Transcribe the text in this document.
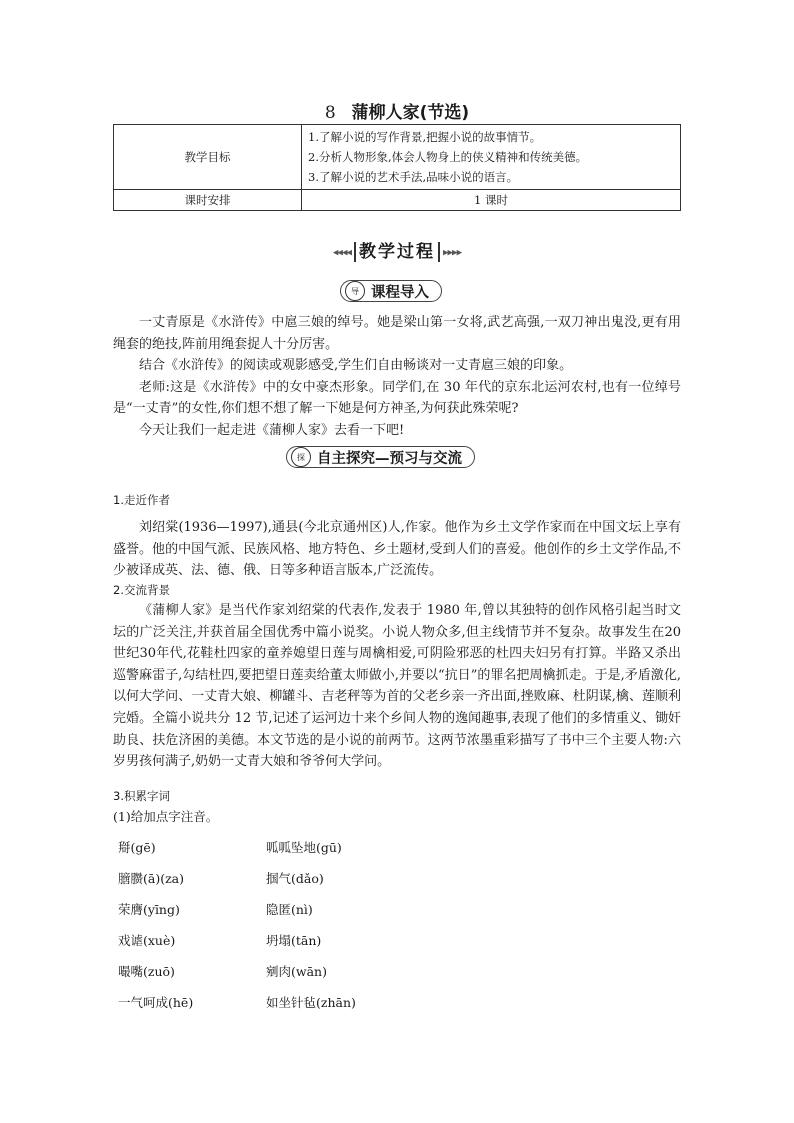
8 蒲柳人家(节选)
教学目标	1.了解小说的写作背景,把握小说的故事情节。
2.分析人物形象,体会人物身上的侠义精神和传统美德。
3.了解小说的艺术手法,品味小说的语言。

课时安排	1 课时
◂◂◂◂ 教学过程 ▸▸▸▸
导 课程导入
一丈青原是《水浒传》中扈三娘的绰号。她是梁山第一女将,武艺高强,一双刀神出鬼没,更有用绳套的绝技,阵前用绳套捉人十分厉害。
结合《水浒传》的阅读或观影感受,学生们自由畅谈对一丈青扈三娘的印象。
老师:这是《水浒传》中的女中豪杰形象。同学们,在 30 年代的京东北运河农村,也有一位绰号是“一丈青”的女性,你们想不想了解一下她是何方神圣,为何获此殊荣呢?
今天让我们一起走进《蒲柳人家》去看一下吧!
探 自主探究—预习与交流
1.走近作者
刘绍棠(1936—1997),通县(今北京通州区)人,作家。他作为乡土文学作家而在中国文坛上享有盛誉。他的中国气派、民族风格、地方特色、乡土题材,受到人们的喜爱。他创作的乡土文学作品,不少被译成英、法、德、俄、日等多种语言版本,广泛流传。
2.交流背景
《蒲柳人家》是当代作家刘绍棠的代表作,发表于 1980 年,曾以其独特的创作风格引起当时文坛的广泛关注,并获首届全国优秀中篇小说奖。小说人物众多,但主线情节并不复杂。故事发生在20世纪30年代,花鞋杜四家的童养媳望日莲与周檎相爱,可阴险邪恶的杜四夫妇另有打算。半路又杀出巡警麻雷子,勾结杜四,要把望日莲卖给董太师做小,并要以“抗日”的罪名把周檎抓走。于是,矛盾激化,以何大学问、一丈青大娘、柳罐斗、吉老秤等为首的父老乡亲一齐出面,挫败麻、杜阴谋,檎、莲顺利完婚。全篇小说共分 12 节,记述了运河边十来个乡间人物的逸闻趣事,表现了他们的多情重义、锄奸助良、扶危济困的美德。本文节选的是小说的前两节。这两节浓墨重彩描写了书中三个主要人物:六岁男孩何满子,奶奶一丈青大娘和爷爷何大学问。
3.积累字词
(1)给加点字注音。
搿(gē)	呱呱坠地(gū)
膪臜(ā)(za)	掴气(dǎo)
荣膺(yīng)	隐匿(nì)
戏谑(xuè)	坍塌(tān)
嘬嘴(zuō)	剜肉(wān)
一气呵成(hē)	如坐针毡(zhān)
